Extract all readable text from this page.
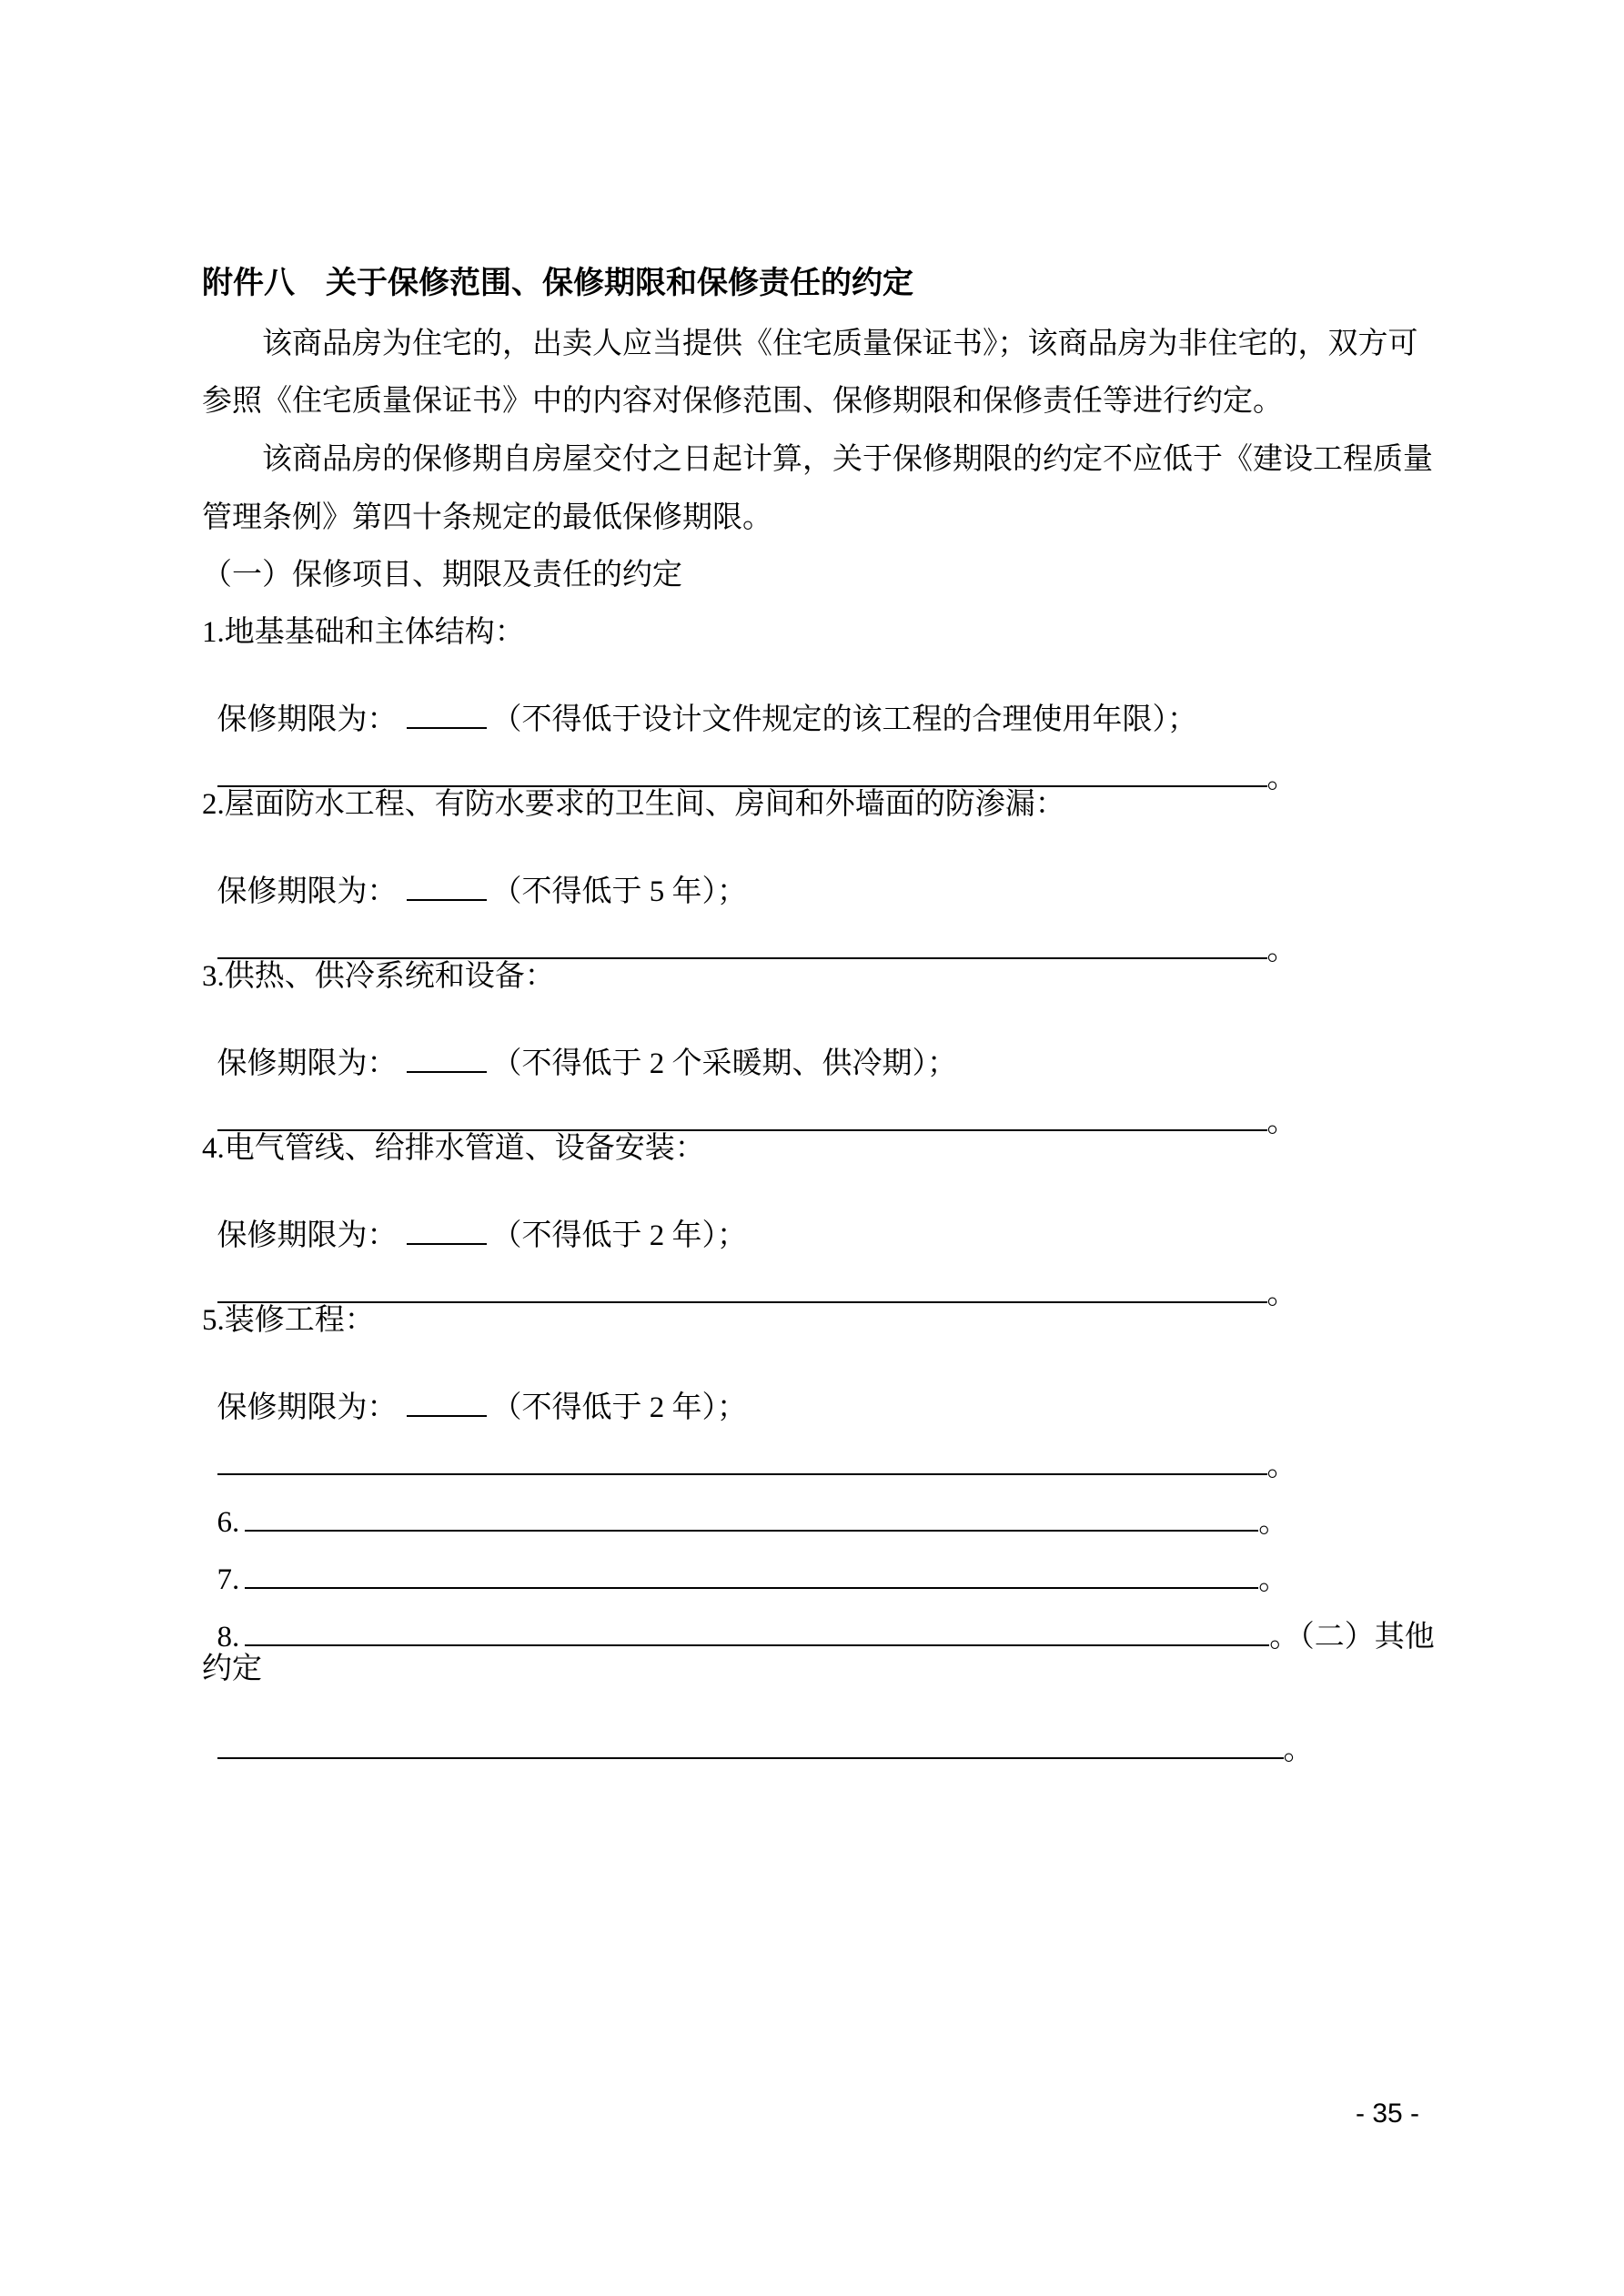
附件八　关于保修范围、保修期限和保修责任的约定
该商品房为住宅的，出卖人应当提供《住宅质量保证书》；该商品房为非住宅的，双方可
参照《住宅质量保证书》中的内容对保修范围、保修期限和保修责任等进行约定。
该商品房的保修期自房屋交付之日起计算，关于保修期限的约定不应低于《建设工程质量
管理条例》第四十条规定的最低保修期限。
（一）保修项目、期限及责任的约定
1.地基基础和主体结构：

保修期限为：	（不得低于设计文件规定的该工程的合理使用年限）；

。

2.屋面防水工程、有防水要求的卫生间、房间和外墙面的防渗漏：

保修期限为：	（不得低于 5 年）；

。

3.供热、供冷系统和设备：

保修期限为：	（不得低于 2 个采暖期、供冷期）；

。

4.电气管线、给排水管道、设备安装：

保修期限为：	（不得低于 2 年）；

。

5.装修工程：

保修期限为：	（不得低于 2 年）；

。

6.	。

7.	。

8.	。（二）其他

约定

。

- 35 -
